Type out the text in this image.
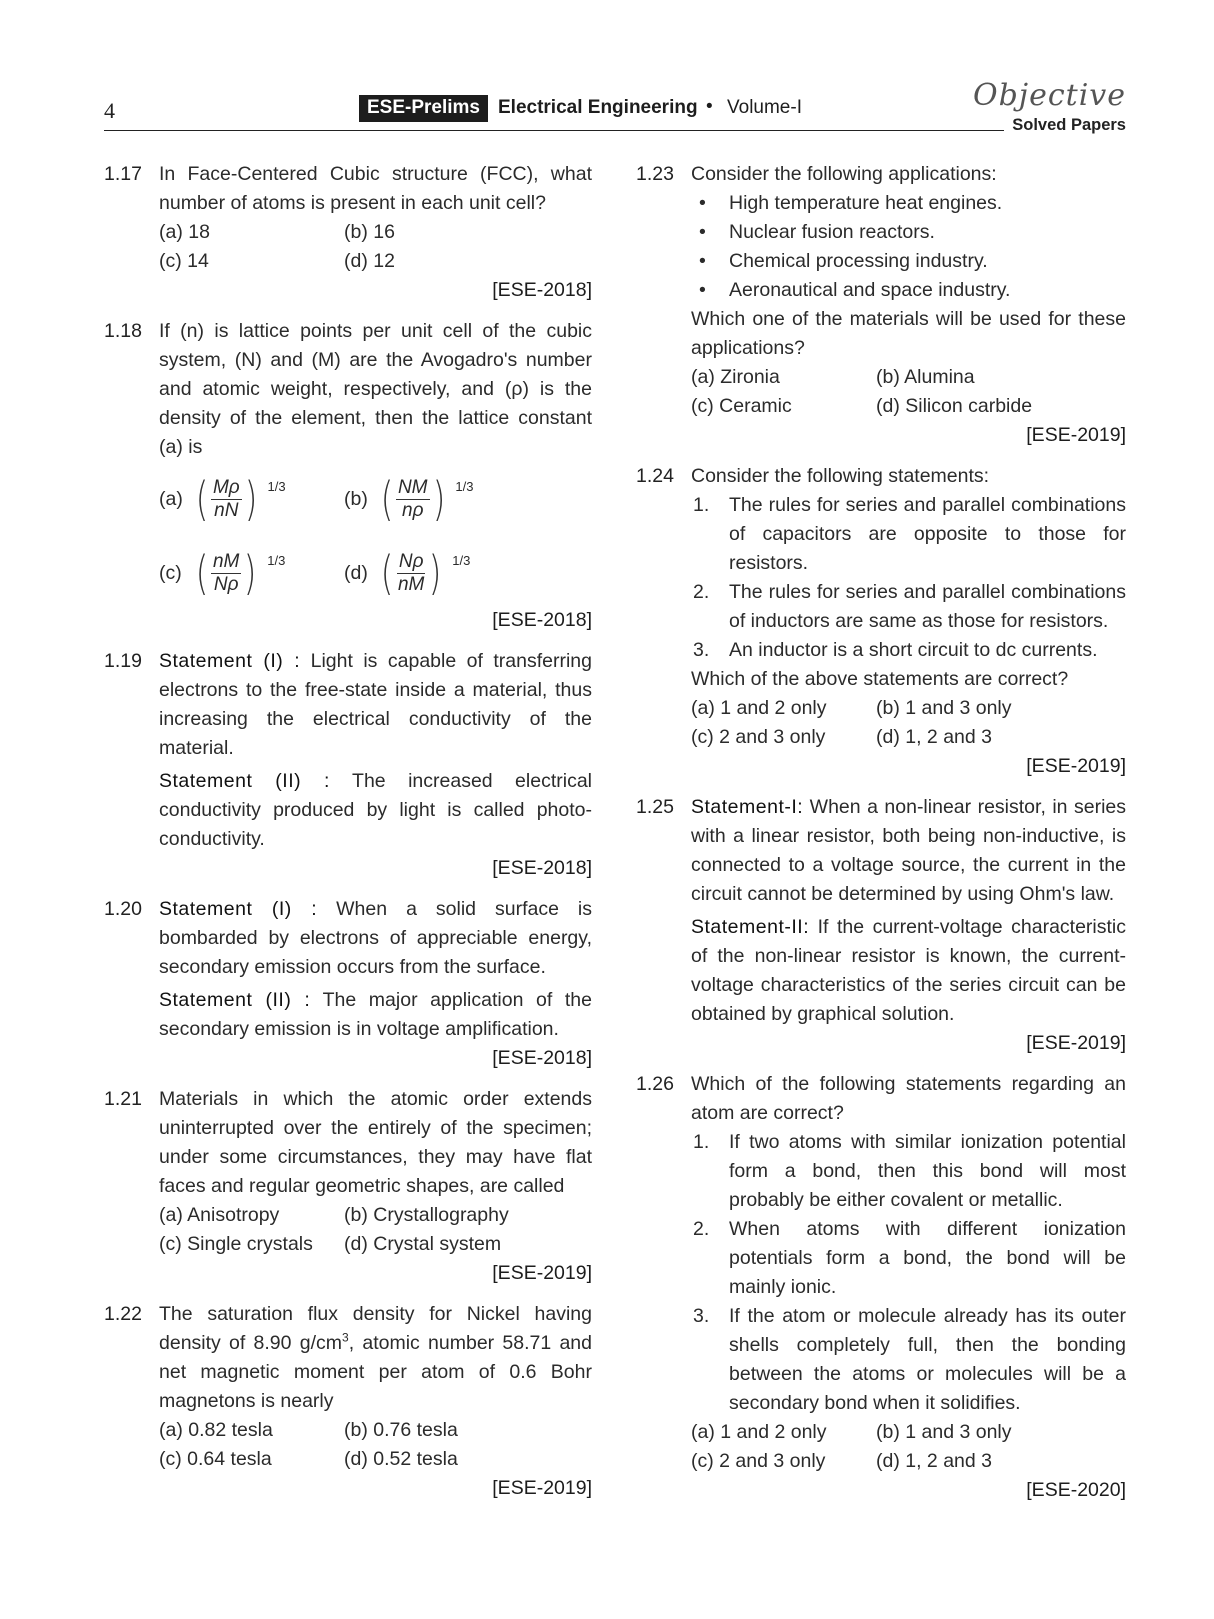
4	ESE-Prelims Electrical Engineering • Volume-I	Objective
Solved Papers
1.17 In Face-Centered Cubic structure (FCC), what number of atoms is present in each unit cell?
(a) 18	(b) 16
(c) 14	(d) 12
[ESE-2018]
1.18 If (n) is lattice points per unit cell of the cubic system, (N) and (M) are the Avogadro's number and atomic weight, respectively, and (ρ) is the density of the element, then the lattice constant (a) is
(a) ( $\frac{M\rho}{nN}$ ) 1/3
(b) ( $\frac{NM}{n\rho}$ ) 1/3
(c) ( $\frac{nM}{N\rho}$ ) 1/3
(d) ( $\frac{N\rho}{nM}$ ) 1/3
[ESE-2018]
1.19 Statement (I) : Light is capable of transferring electrons to the free-state inside a material, thus increasing the electrical conductivity of the material.
Statement (II) : The increased electrical conductivity produced by light is called photo-conductivity.
[ESE-2018]
1.20 Statement (I) : When a solid surface is bombarded by electrons of appreciable energy, secondary emission occurs from the surface.
Statement (II) : The major application of the secondary emission is in voltage amplification.
[ESE-2018]
1.21 Materials in which the atomic order extends uninterrupted over the entirely of the specimen; under some circumstances, they may have flat faces and regular geometric shapes, are called
(a) Anisotropy	(b) Crystallography
(c) Single crystals	(d) Crystal system
[ESE-2019]
1.22 The saturation flux density for Nickel having density of 8.90 $g/cm^3$, atomic number 58.71 and net magnetic moment per atom of 0.6 Bohr magnetons is nearly
(a) 0.82 tesla	(b) 0.76 tesla
(c) 0.64 tesla	(d) 0.52 tesla
[ESE-2019]
1.23 Consider the following applications:
• High temperature heat engines.
• Nuclear fusion reactors.
• Chemical processing industry.
• Aeronautical and space industry.
Which one of the materials will be used for these applications?
(a) Zironia	(b) Alumina
(c) Ceramic	(d) Silicon carbide
[ESE-2019]
1.24 Consider the following statements:
1. The rules for series and parallel combinations of capacitors are opposite to those for resistors.
2. The rules for series and parallel combinations of inductors are same as those for resistors.
3. An inductor is a short circuit to dc currents.
Which of the above statements are correct?
(a) 1 and 2 only	(b) 1 and 3 only
(c) 2 and 3 only	(d) 1, 2 and 3
[ESE-2019]
1.25 Statement-I: When a non-linear resistor, in series with a linear resistor, both being non-inductive, is connected to a voltage source, the current in the circuit cannot be determined by using Ohm's law.
Statement-II: If the current-voltage characteristic of the non-linear resistor is known, the current-voltage characteristics of the series circuit can be obtained by graphical solution.
[ESE-2019]
1.26 Which of the following statements regarding an atom are correct?
1. If two atoms with similar ionization potential form a bond, then this bond will most probably be either covalent or metallic.
2. When atoms with different ionization potentials form a bond, the bond will be mainly ionic.
3. If the atom or molecule already has its outer shells completely full, then the bonding between the atoms or molecules will be a secondary bond when it solidifies.
(a) 1 and 2 only	(b) 1 and 3 only
(c) 2 and 3 only	(d) 1, 2 and 3
[ESE-2020]
